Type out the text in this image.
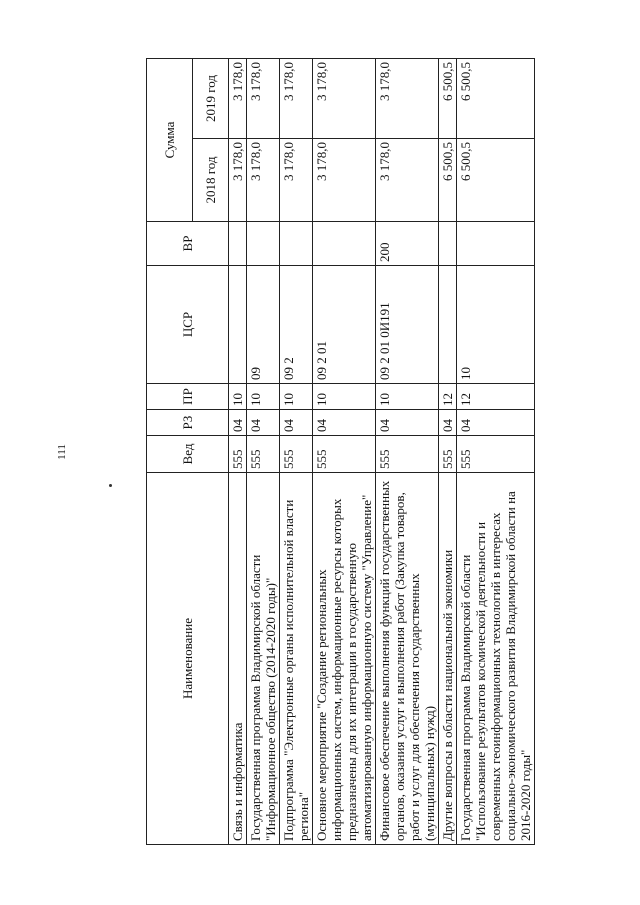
111
Наименование	Вед	РЗ	ПР	ЦСР	ВР	Сумма	
						2018 год	2019 год
Связь и информатика	555	04	10			3 178,0	3 178,0
Государственная программа Владимирской области "Информационное общество (2014-2020 годы)"	555	04	10	09		3 178,0	3 178,0
Подпрограмма "Электронные органы исполнительной власти региона"	555	04	10	09 2		3 178,0	3 178,0
Основное мероприятие "Создание региональных информационных систем, информационные ресурсы которых предназначены для их интеграции в государственную автоматизированную информационную систему "Управление"	555	04	10	09 2 01		3 178,0	3 178,0
Финансовое обеспечение выполнения функций государственных органов, оказания услуг и выполнения работ (Закупка товаров, работ и услуг для обеспечения государственных (муниципальных) нужд)	555	04	10	09 2 01 0И191	200	3 178,0	3 178,0
Другие вопросы в области национальной экономики	555	04	12			6 500,5	6 500,5
Государственная программа Владимирской области "Использование результатов космической деятельности и современных геоинформационных технологий в интересах социально-экономического развития Владимирской области на 2016-2020 годы"	555	04	12	10		6 500,5	6 500,5
